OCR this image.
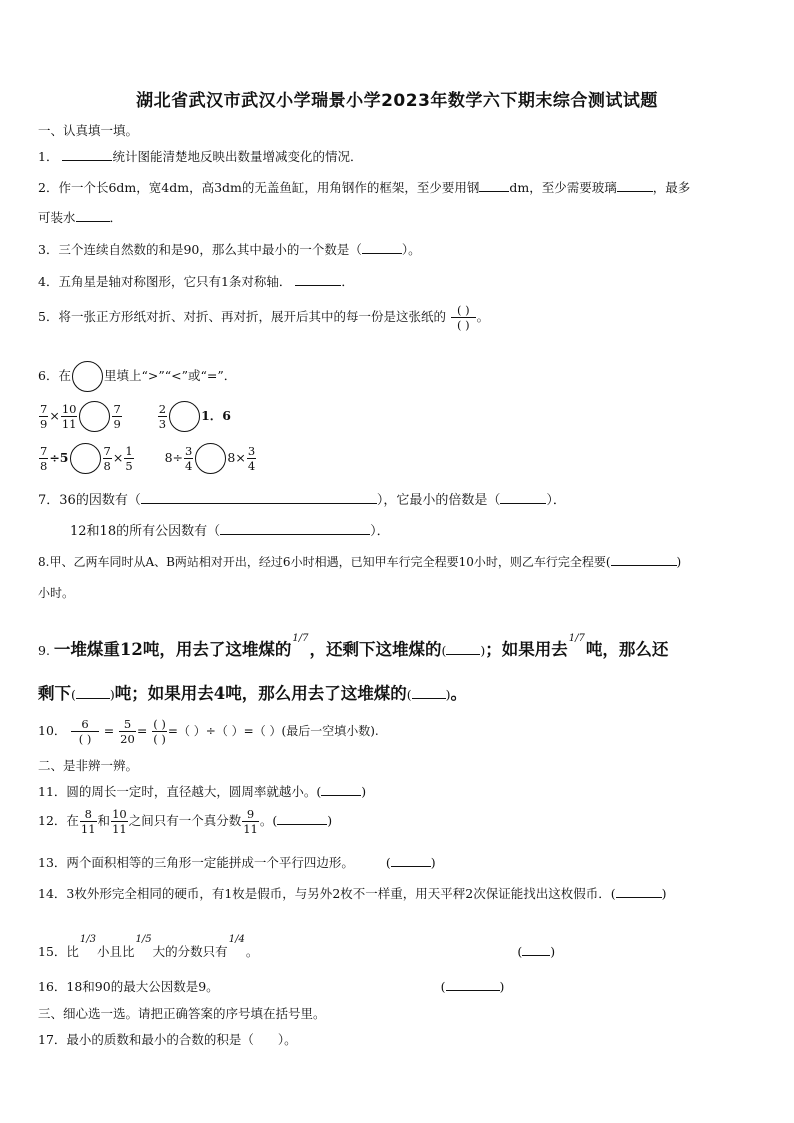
湖北省武汉市武汉小学瑞景小学2023年数学六下期末综合测试试题
一、认真填一填。
1．	统计图能清楚地反映出数量增减变化的情况．
2．作一个长6dm，宽4dm，高3dm的无盖鱼缸，用角钢作的框架，至少要用钢 dm，至少需要玻璃	，最多
可装水	．
3．三个连续自然数的和是90，那么其中最小的一个数是（	）。
4．五角星是轴对称图形，它只有1条对称轴．	．
5．将一张正方形纸对折、对折、再对折，展开后其中的每一份是这张纸的 $\frac{( )}{( )}$ 。
6．在	里填上“>”“<”或“=”．
$\frac{7}{9} \times \frac{10}{11}$	$\frac{7}{9}$
	$\frac{2}{3}$	1．6
$\frac{7}{8} \div 5$	$\frac{7}{8} \times \frac{1}{5} 8\div \frac{3}{4}$	$8\times \frac{3}{4}$
7．36的因数有（	），它最小的倍数是（	）．
12和18的所有公因数有（	）．
8.甲、乙两车同时从A、B两站相对开出，经过6小时相遇，已知甲车行完全程要10小时，则乙车行完全程要(	)
小时。
9. 一堆煤重12吨，用去了这堆煤的$^{1/7}$，还剩下这堆煤的(	)；如果用去$^{1/7}$吨，那么还
剩下(	)吨；如果用去4吨，那么用去了这堆煤的(	)。
10． $\frac{6}{( )} = \frac{5}{20} = \frac{( )}{( )}$ =（ ）÷（ ）=（ ）(最后一空填小数).
二、是非辨一辨。
11．圆的周长一定时，直径越大，圆周率就越小。(	)
12．在 $\frac{8}{11}$ 和 $\frac{10}{11}$ 之间只有一个真分数 $\frac{9}{11}$ 。(	)
13．两个面积相等的三角形一定能拼成一个平行四边形。	(	)
14．3枚外形完全相同的硬币，有1枚是假币，与另外2枚不一样重，用天平秤2次保证能找出这枚假币．(	)
15．比$^{1/3}$小且比$^{1/5}$大的分数只有$^{1/4}$。	( )
16．18和90的最大公因数是9。	(	)
三、细心选一选。请把正确答案的序号填在括号里。
17．最小的质数和最小的合数的积是（ ）。
